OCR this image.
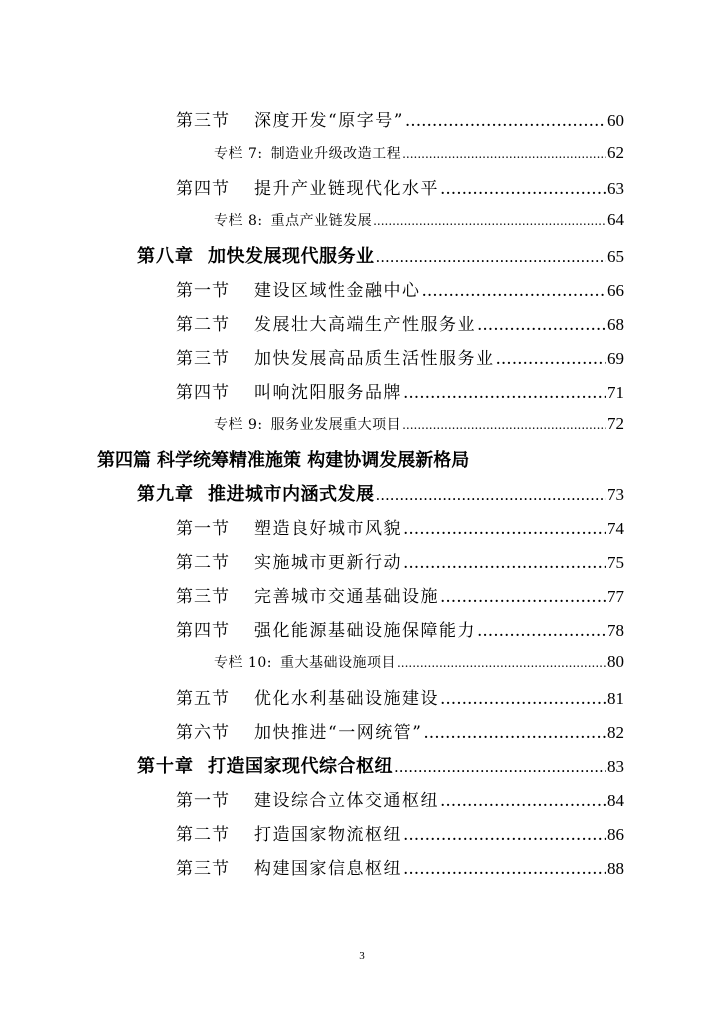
第三节	深度开发“原字号” .....	60
专栏 7: 制造业升级改造工程 .....	62
第四节	提升产业链现代化水平 .....	63
专栏 8: 重点产业链发展 .....	64
第八章 加快发展现代服务业 .....	65
第一节	建设区域性金融中心 .....	66
第二节	发展壮大高端生产性服务业 .....	68
第三节	加快发展高品质生活性服务业 .....	69
第四节	叫响沈阳服务品牌 .....	71
专栏 9: 服务业发展重大项目 .....	72
第四篇 科学统筹精准施策 构建协调发展新格局
第九章 推进城市内涵式发展 .....	73
第一节	塑造良好城市风貌 .....	74
第二节	实施城市更新行动 .....	75
第三节	完善城市交通基础设施 .....	77
第四节	强化能源基础设施保障能力 .....	78
专栏 10: 重大基础设施项目 .....	80
第五节	优化水利基础设施建设 .....	81
第六节	加快推进“一网统管” .....	82
第十章 打造国家现代综合枢纽 .....	83
第一节	建设综合立体交通枢纽 .....	84
第二节	打造国家物流枢纽 .....	86
第三节	构建国家信息枢纽 .....	88
3
